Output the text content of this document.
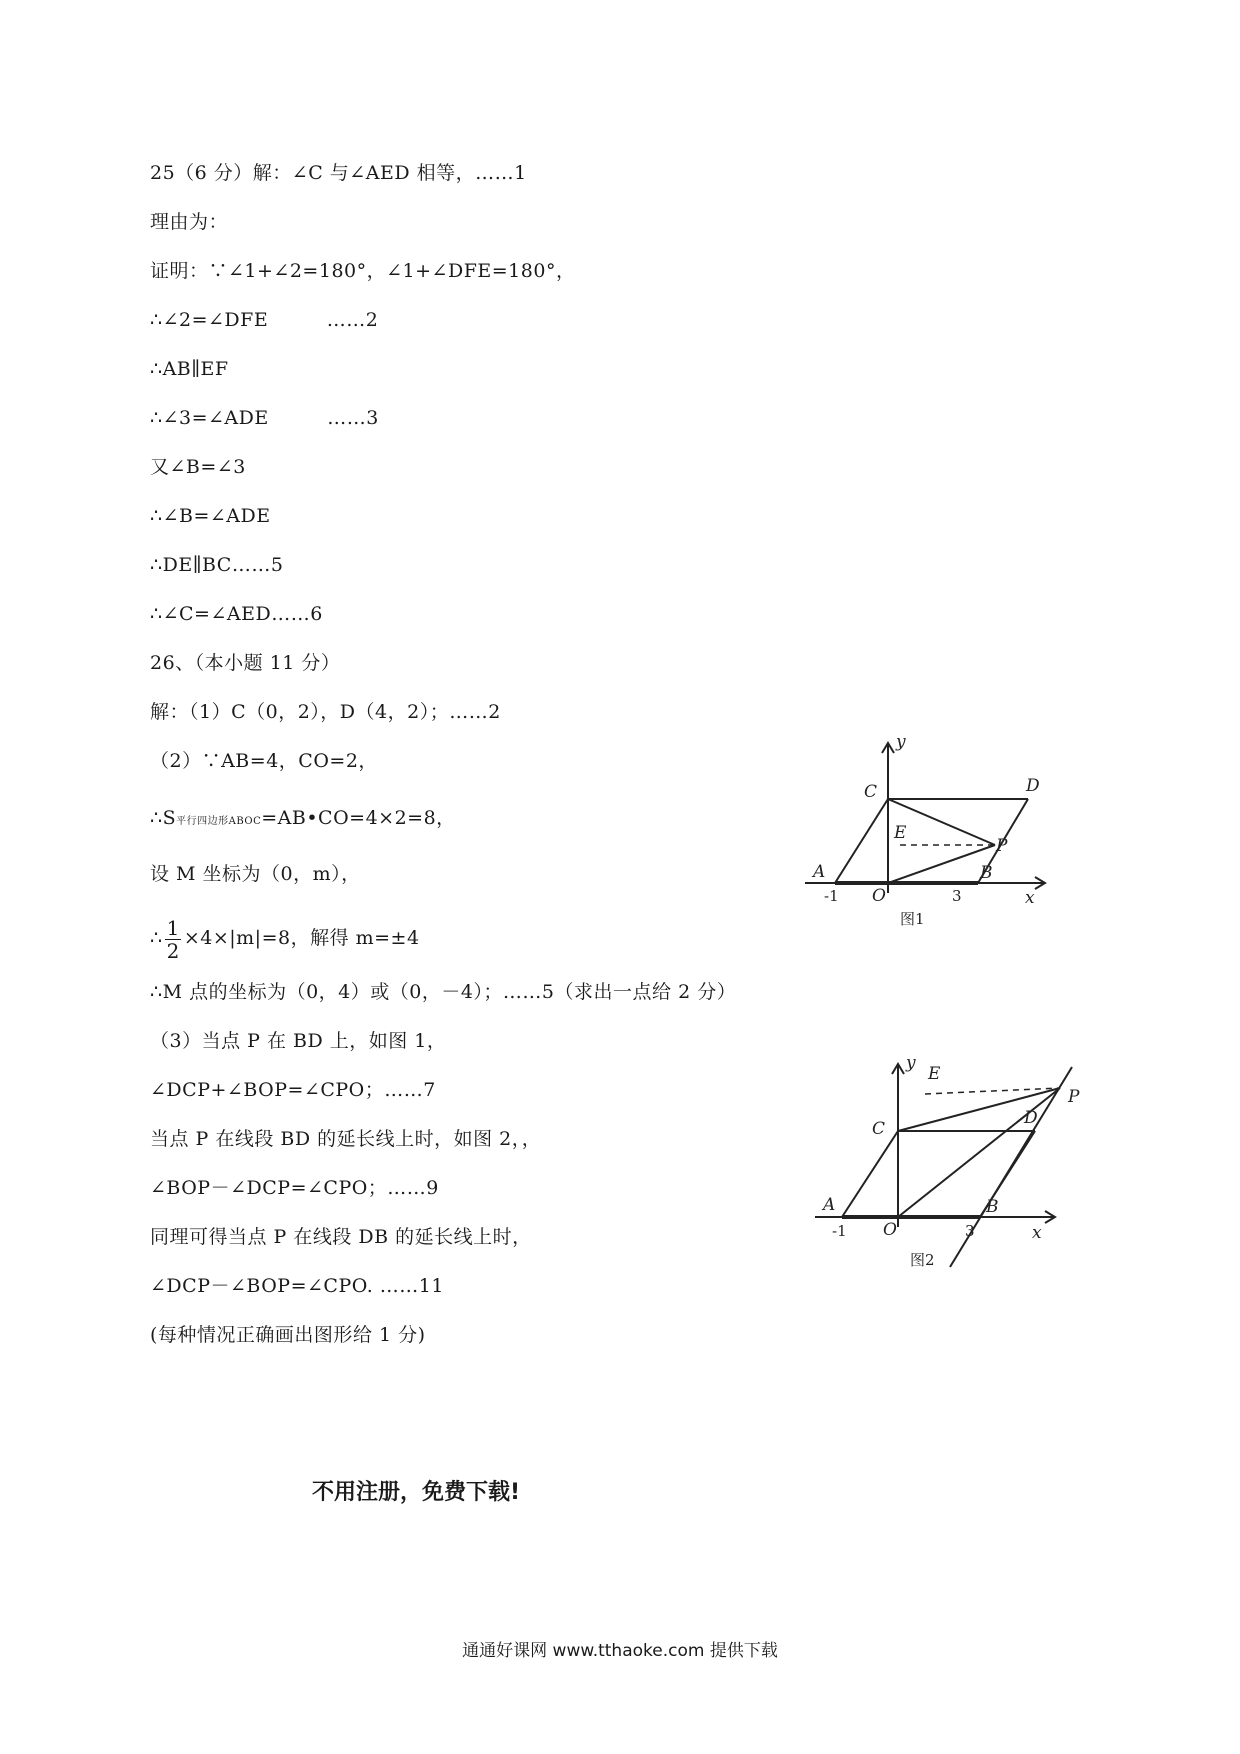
25（6 分）解：∠C 与∠AED 相等，……1
理由为：
证明：∵∠1+∠2=180°，∠1+∠DFE=180°，
∴∠2=∠DFE　　　……2
∴AB∥EF
∴∠3=∠ADE　　　……3
又∠B=∠3
∴∠B=∠ADE
∴DE∥BC……5
∴∠C=∠AED……6
26、（本小题 11 分）
解：（1）C（0，2），D（4，2）；……2
（2）∵AB=4，CO=2，
∴S平行四边形ABOC=AB•CO=4×2=8，
设 M 坐标为（0，m），
∴ $\frac{1}{2} \times 4\times|m|=8$，解得 m=±4
∴M 点的坐标为（0，4）或（0，－4）；……5（求出一点给 2 分）
（3）当点 P 在 BD 上，如图 1，
∠DCP+∠BOP=∠CPO；……7
当点 P 在线段 BD 的延长线上时，如图 2，，
∠BOP－∠DCP=∠CPO；……9
同理可得当点 P 在线段 DB 的延长线上时，
∠DCP－∠BOP=∠CPO. ……11
(每种情况正确画出图形给 1 分)
y
C	D
E
P
A	B
O	x
-1	3
图1
y
E
P
D
C
A	B
O	x
-1	3
图2
不用注册，免费下载!
通通好课网 www.tthaoke.com 提供下载
